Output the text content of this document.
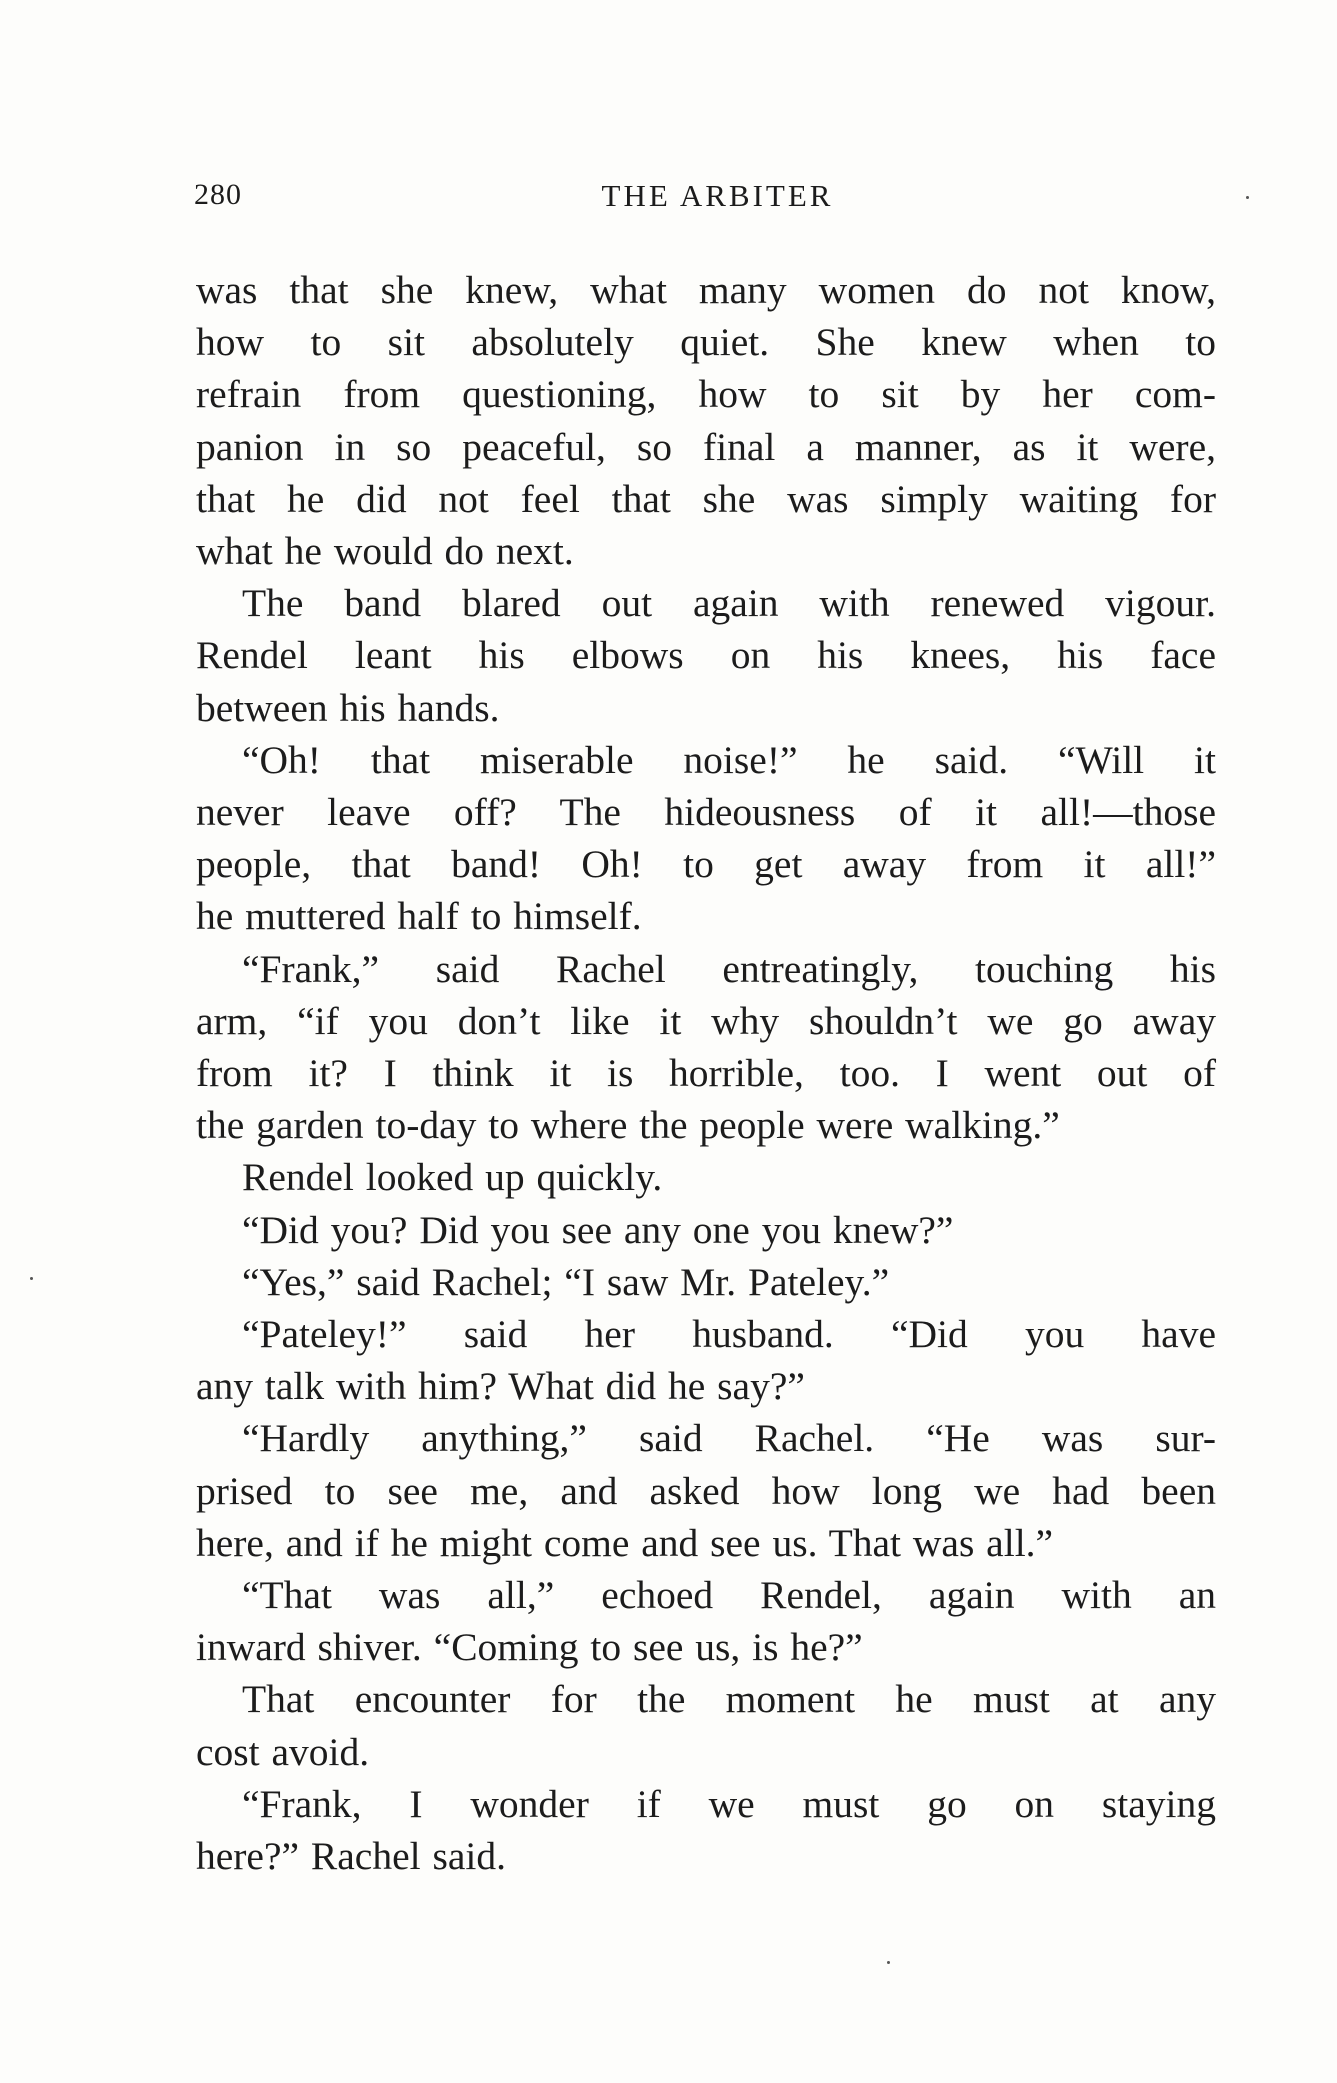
280	THE ARBITER
was that she knew, what many women do not know,
how to sit absolutely quiet. She knew when to
refrain from questioning, how to sit by her com-
panion in so peaceful, so final a manner, as it were,
that he did not feel that she was simply waiting for
what he would do next.
The band blared out again with renewed vigour.
Rendel leant his elbows on his knees, his face
between his hands.
“Oh! that miserable noise!” he said. “Will it
never leave off? The hideousness of it all!—those
people, that band! Oh! to get away from it all!”
he muttered half to himself.
“Frank,” said Rachel entreatingly, touching his
arm, “if you don’t like it why shouldn’t we go away
from it? I think it is horrible, too. I went out of
the garden to-day to where the people were walking.”
Rendel looked up quickly.
“Did you? Did you see any one you knew?”
“Yes,” said Rachel; “I saw Mr. Pateley.”
“Pateley!” said her husband. “Did you have
any talk with him? What did he say?”
“Hardly anything,” said Rachel. “He was sur-
prised to see me, and asked how long we had been
here, and if he might come and see us. That was all.”
“That was all,” echoed Rendel, again with an
inward shiver. “Coming to see us, is he?”
That encounter for the moment he must at any
cost avoid.
“Frank, I wonder if we must go on staying
here?” Rachel said.
